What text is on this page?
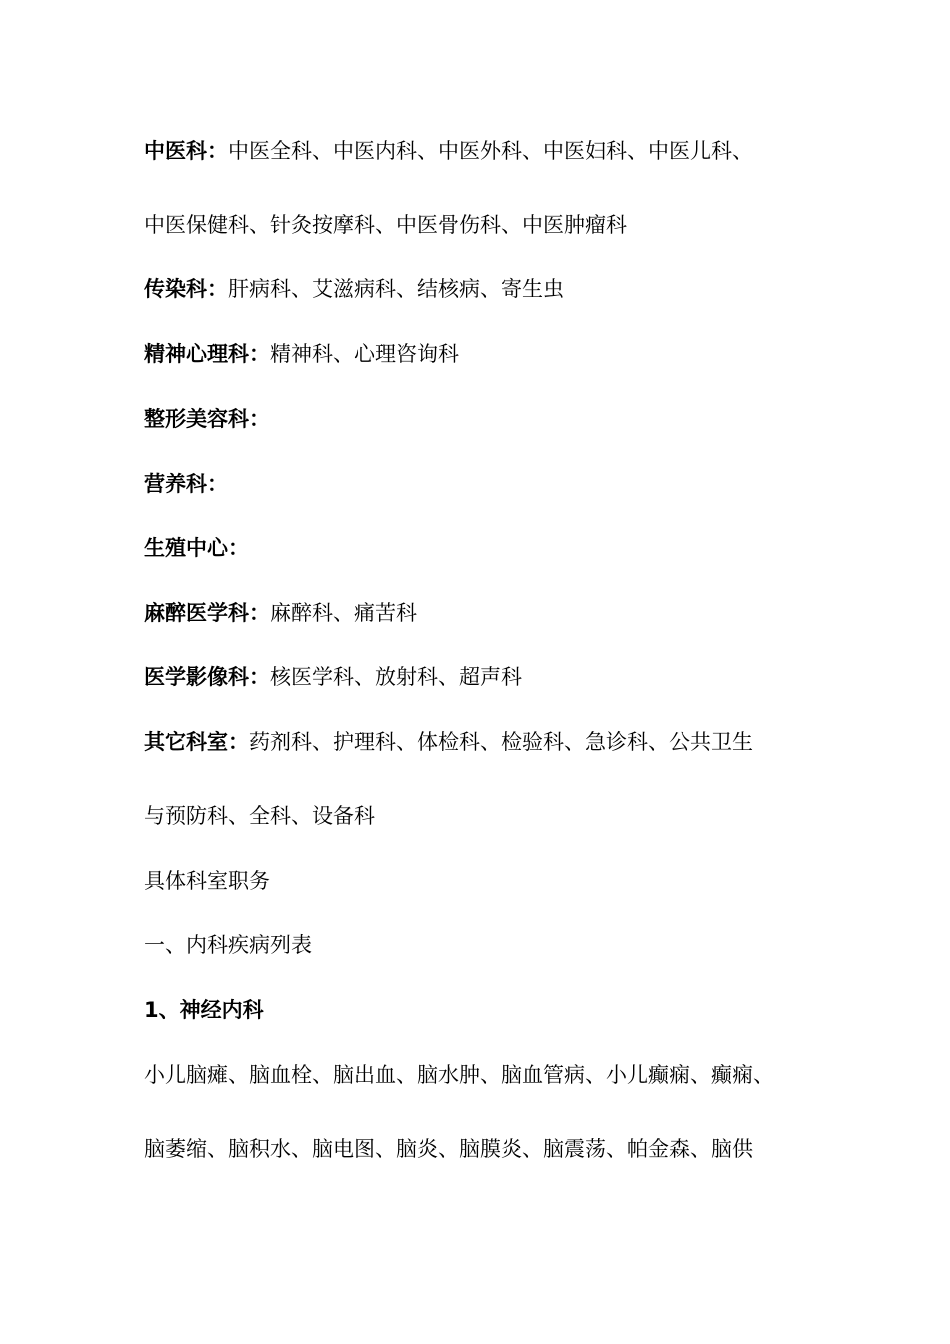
中医科：中医全科、中医内科、中医外科、中医妇科、中医儿科、
中医保健科、针灸按摩科、中医骨伤科、中医肿瘤科
传染科：肝病科、艾滋病科、结核病、寄生虫
精神心理科：精神科、心理咨询科
整形美容科：
营养科：
生殖中心：
麻醉医学科：麻醉科、痛苦科
医学影像科：核医学科、放射科、超声科
其它科室：药剂科、护理科、体检科、检验科、急诊科、公共卫生
与预防科、全科、设备科
具体科室职务
一、内科疾病列表
1、神经内科
小儿脑瘫、脑血栓、脑出血、脑水肿、脑血管病、小儿癫痫、癫痫、
脑萎缩、脑积水、脑电图、脑炎、脑膜炎、脑震荡、帕金森、脑供
